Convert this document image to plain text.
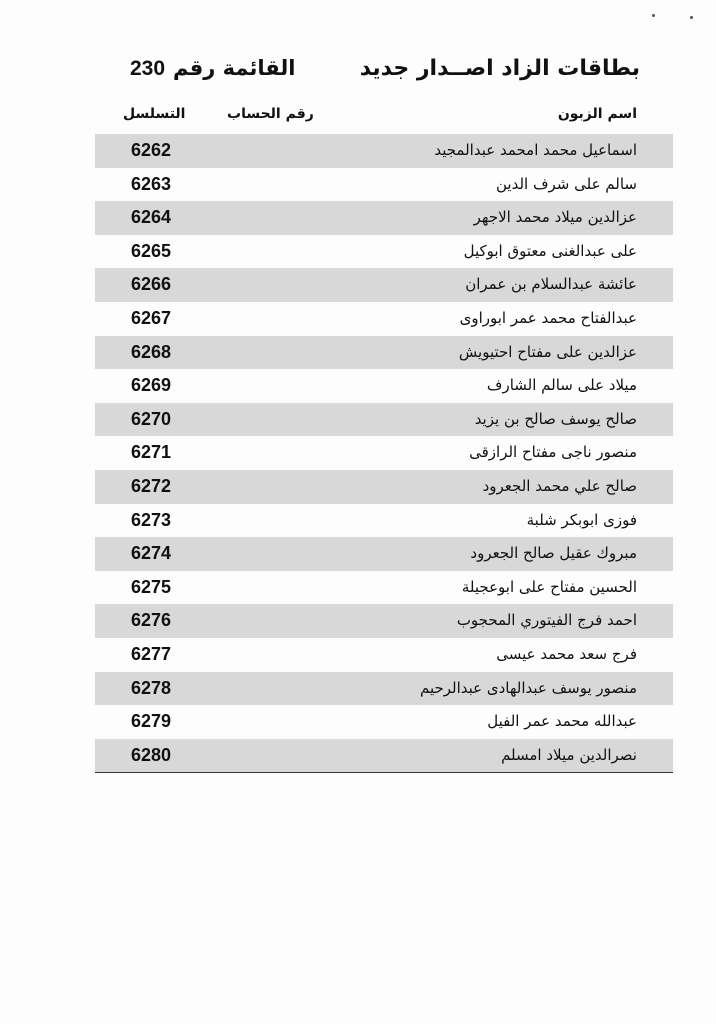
بطاقات الزاد اصــدار جديد
القائمة رقم230
اسم الزبون
رقم الحساب
التسلسل
اسماعيل محمد امحمد عبدالمجيد
6262
سالم على شرف الدين
6263
عزالدين ميلاد محمد الاجهر
6264
على عبدالغنى معتوق ابوكيل
6265
عائشة عبدالسلام بن عمران
6266
عبدالفتاح محمد عمر ابوراوى
6267
عزالدين على مفتاح احتيويش
6268
ميلاد على سالم الشارف
6269
صالح يوسف صالح بن يزيد
6270
منصور ناجى مفتاح الرازقى
6271
صالح علي محمد الجعرود
6272
فوزى ابوبكر شلبة
6273
مبروك عقيل صالح الجعرود
6274
الحسين مفتاح على ابوعجيلة
6275
احمد فرج الفيتوري المحجوب
6276
فرج سعد محمد عيسى
6277
منصور يوسف عبدالهادى عبدالرحيم
6278
عبدالله محمد عمر الفيل
6279
نصرالدين ميلاد امسلم
6280
